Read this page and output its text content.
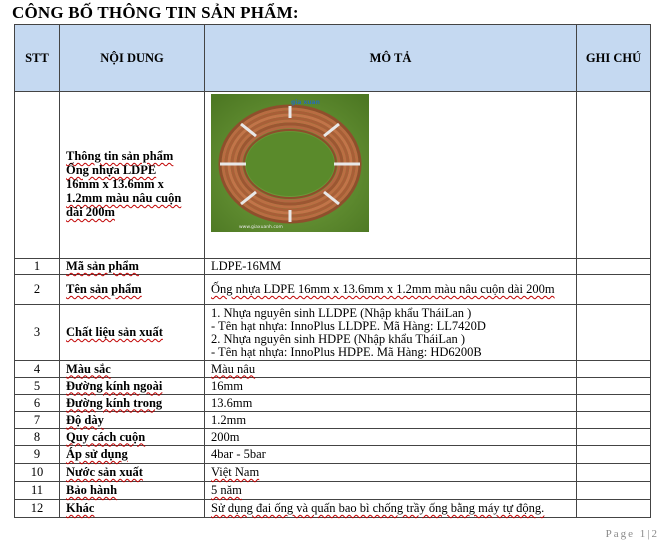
CÔNG BỐ THÔNG TIN SẢN PHẨM:
STT	NỘI DUNG	MÔ TẢ	GHI CHÚ
	Thông tin sản phẩm
Ống nhựa LDPE
16mm x 13.6mm x
1.2mm màu nâu cuộn
dài 200m	gia xuan
www.giaxuanh.com	

1	Mã sản phẩm	LDPE-16MM	
2	Tên sản phẩm	Ống nhựa LDPE 16mm x 13.6mm x 1.2mm màu nâu cuộn dài 200m	
3	Chất liệu sản xuất	1. Nhựa nguyên sinh LLDPE (Nhập khẩu TháiLan )
- Tên hạt nhựa: InnoPlus LLDPE. Mã Hàng: LL7420D
2. Nhựa nguyên sinh HDPE (Nhập khẩu TháiLan )
- Tên hạt nhựa: InnoPlus HDPE. Mã Hàng: HD6200B	

4	Màu sắc	Màu nâu	
5	Đường kính ngoài	16mm	
6	Đường kính trong	13.6mm	
7	Độ dày	1.2mm	
8	Quy cách cuộn	200m	
9	Áp sử dụng	4bar - 5bar	
10	Nước sản xuất	Việt Nam	
11	Bảo hành	5 năm	
12	Khác	Sử dụng đai ống và quấn bao bì chống trầy ống bằng máy tự động.	
Page 1|2
